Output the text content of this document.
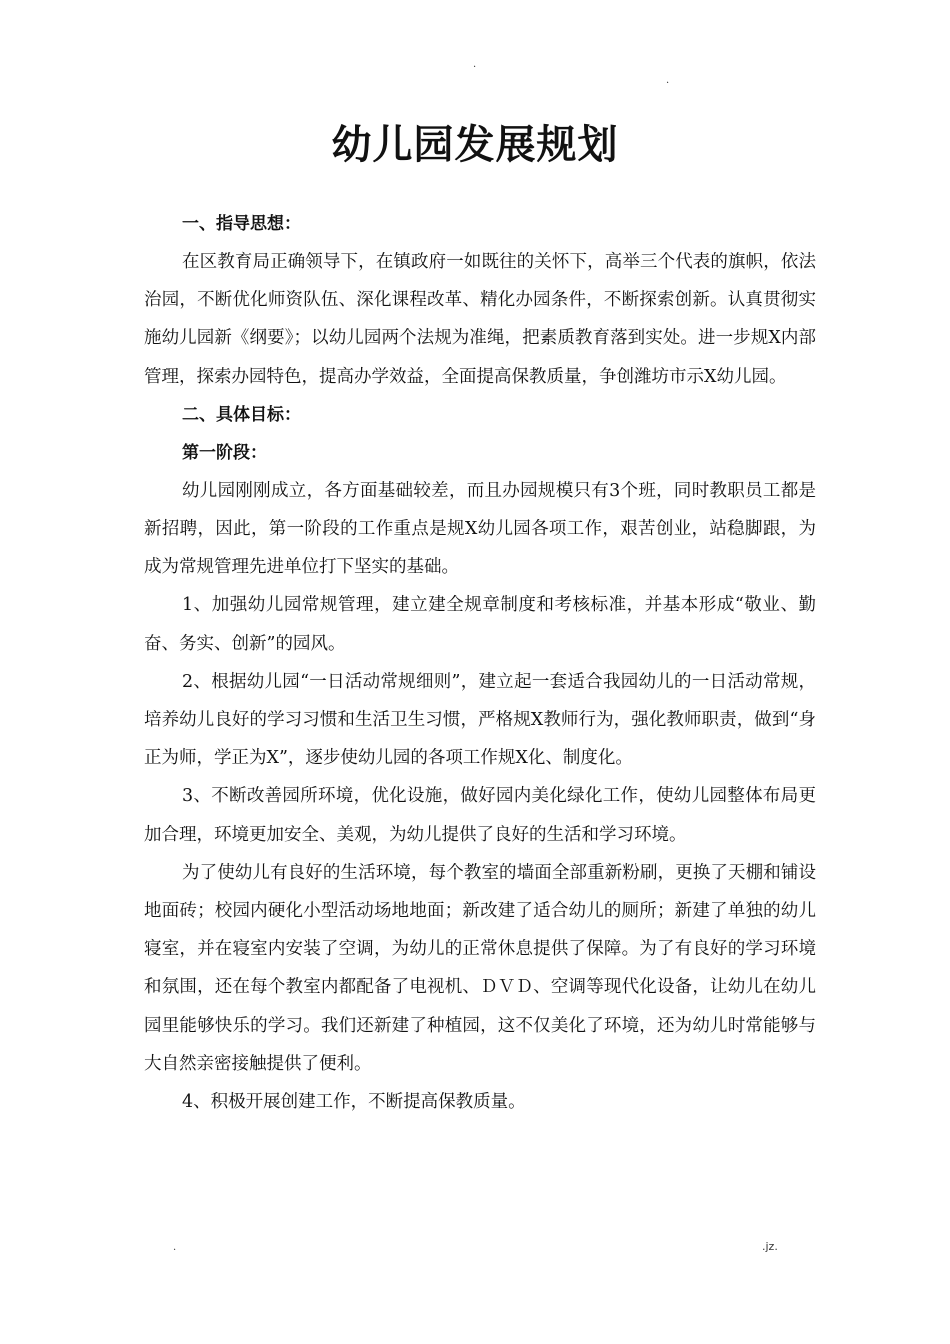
.
.
幼儿园发展规划

一、指导思想：

在区教育局正确领导下，在镇政府一如既往的关怀下，高举三个代表的旗帜，依法治园，不断优化师资队伍、深化课程改革、精化办园条件，不断探索创新。认真贯彻实施幼儿园新《纲要》；以幼儿园两个法规为准绳，把素质教育落到实处。进一步规X内部管理，探索办园特色，提高办学效益，全面提高保教质量，争创潍坊市示X幼儿园。

二、具体目标：

第一阶段：

幼儿园刚刚成立，各方面基础较差，而且办园规模只有3个班，同时教职员工都是新招聘，因此，第一阶段的工作重点是规X幼儿园各项工作，艰苦创业，站稳脚跟，为成为常规管理先进单位打下坚实的基础。

1、加强幼儿园常规管理，建立建全规章制度和考核标准，并基本形成“敬业、勤奋、务实、创新”的园风。

2、根据幼儿园“一日活动常规细则”，建立起一套适合我园幼儿的一日活动常规，培养幼儿良好的学习习惯和生活卫生习惯，严格规X教师行为，强化教师职责，做到“身正为师，学正为X”，逐步使幼儿园的各项工作规X化、制度化。

3、不断改善园所环境，优化设施，做好园内美化绿化工作，使幼儿园整体布局更加合理，环境更加安全、美观，为幼儿提供了良好的生活和学习环境。

为了使幼儿有良好的生活环境，每个教室的墙面全部重新粉刷，更换了天棚和铺设地面砖；校园内硬化小型活动场地地面；新改建了适合幼儿的厕所；新建了单独的幼儿寝室，并在寝室内安装了空调，为幼儿的正常休息提供了保障。为了有良好的学习环境和氛围，还在每个教室内都配备了电视机、ＤＶＤ、空调等现代化设备，让幼儿在幼儿园里能够快乐的学习。我们还新建了种植园，这不仅美化了环境，还为幼儿时常能够与大自然亲密接触提供了便利。

4、积极开展创建工作，不断提高保教质量。

.	.jz.
